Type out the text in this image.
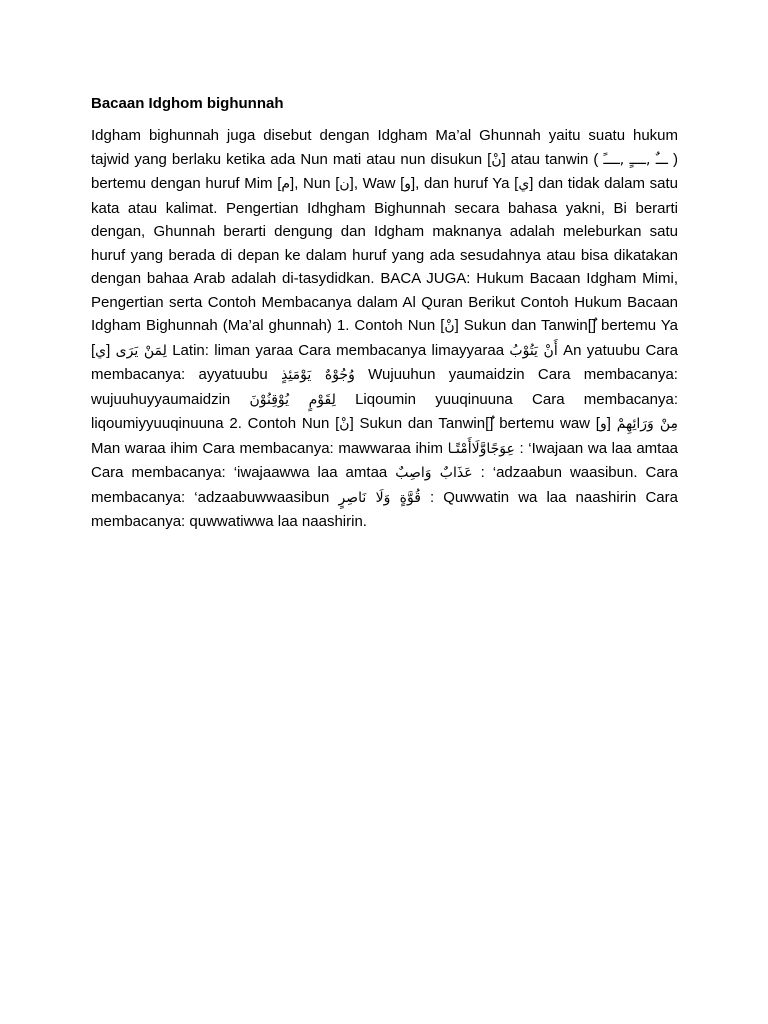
Bacaan Idghom bighunnah

Idgham bighunnah juga disebut dengan Idgham Ma’al Ghunnah yaitu suatu hukum tajwid yang berlaku ketika ada Nun mati atau nun disukun [نْ] atau tanwin ( ـــٌ ,ــــٍ ,ــــً ) bertemu dengan huruf Mim [م], Nun [ن], Waw [و], dan huruf Ya [ي] dan tidak dalam satu kata atau kalimat. Pengertian Idhgham Bighunnah secara bahasa yakni, Bi berarti dengan, Ghunnah berarti dengung dan Idgham maknanya adalah meleburkan satu huruf yang berada di depan ke dalam huruf yang ada sesudahnya atau bisa dikatakan dengan bahaa Arab adalah di-tasydidkan. BACA JUGA: Hukum Bacaan Idgham Mimi, Pengertian serta Contoh Membacanya dalam Al Quran Berikut Contoh Hukum Bacaan Idgham Bighunnah (Ma’al ghunnah) 1. Contoh Nun [نْ] Sukun dan Tanwin[] bertemu Ya [ي] لِمَنْ يَرَى Latin: liman yaraa Cara membacanya limayyaraa أَنْ يَتُوْبُ An yatuubu Cara membacanya: ayyatuubu وُجُوْهٌ يَوْمَئِذٍ Wujuuhun yaumaidzin Cara membacanya: wujuuhuyyaumaidzin لِقَوْمٍ يُوْقِنُوْنَ Liqoumin yuuqinuuna Cara membacanya: liqoumiyyuuqinuuna 2. Contoh Nun [نْ] Sukun dan Tanwin[] bertemu waw [و] مِنْ وَرَائِهِمْ Man waraa ihim Cara membacanya: mawwaraa ihim عِوَجًاوَّلَاأَمْتًـا : ‘Iwajaan wa laa amtaa Cara membacanya: ‘iwajaawwa laa amtaa عَذَابٌ وَاصِبٌ : ‘adzaabun waasibun. Cara membacanya: ‘adzaabuwwaasibun قُوَّةٍ وَلَا نَاصِرٍ : Quwwatin wa laa naashirin Cara membacanya: quwwatiwwa laa naashirin.
